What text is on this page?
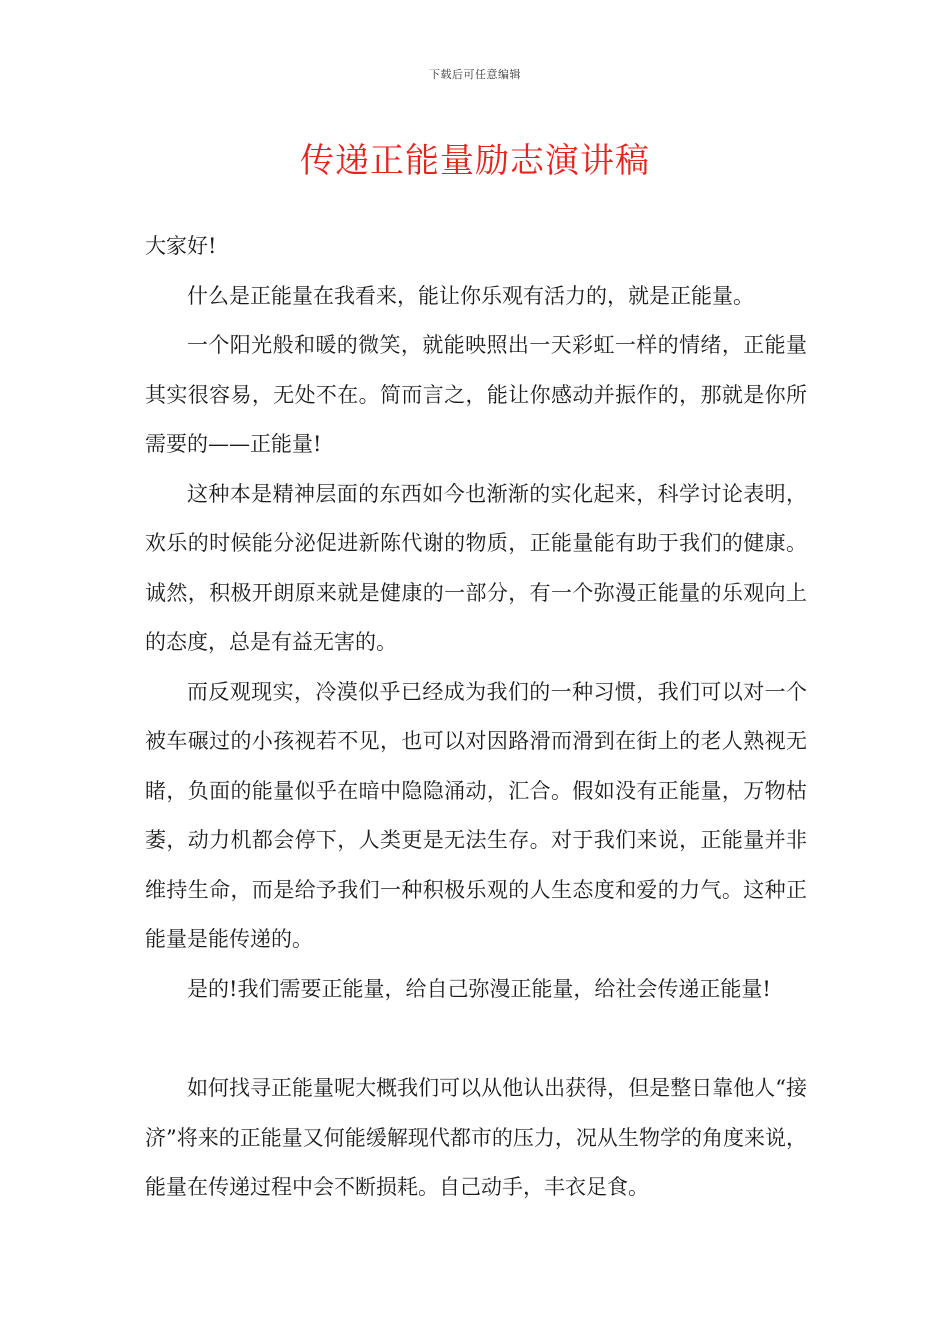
下载后可任意编辑
传递正能量励志演讲稿

大家好!

什么是正能量在我看来，能让你乐观有活力的，就是正能量。

一个阳光般和暖的微笑，就能映照出一天彩虹一样的情绪，正能量其实很容易，无处不在。简而言之，能让你感动并振作的，那就是你所需要的——正能量!

这种本是精神层面的东西如今也渐渐的实化起来，科学讨论表明，欢乐的时候能分泌促进新陈代谢的物质，正能量能有助于我们的健康。诚然，积极开朗原来就是健康的一部分，有一个弥漫正能量的乐观向上的态度，总是有益无害的。

而反观现实，冷漠似乎已经成为我们的一种习惯，我们可以对一个被车碾过的小孩视若不见，也可以对因路滑而滑到在街上的老人熟视无睹，负面的能量似乎在暗中隐隐涌动，汇合。假如没有正能量，万物枯萎，动力机都会停下，人类更是无法生存。对于我们来说，正能量并非维持生命，而是给予我们一种积极乐观的人生态度和爱的力气。这种正能量是能传递的。

是的!我们需要正能量，给自己弥漫正能量，给社会传递正能量!

如何找寻正能量呢大概我们可以从他认出获得，但是整日靠他人“接济”将来的正能量又何能缓解现代都市的压力，况从生物学的角度来说，能量在传递过程中会不断损耗。自己动手，丰衣足食。
